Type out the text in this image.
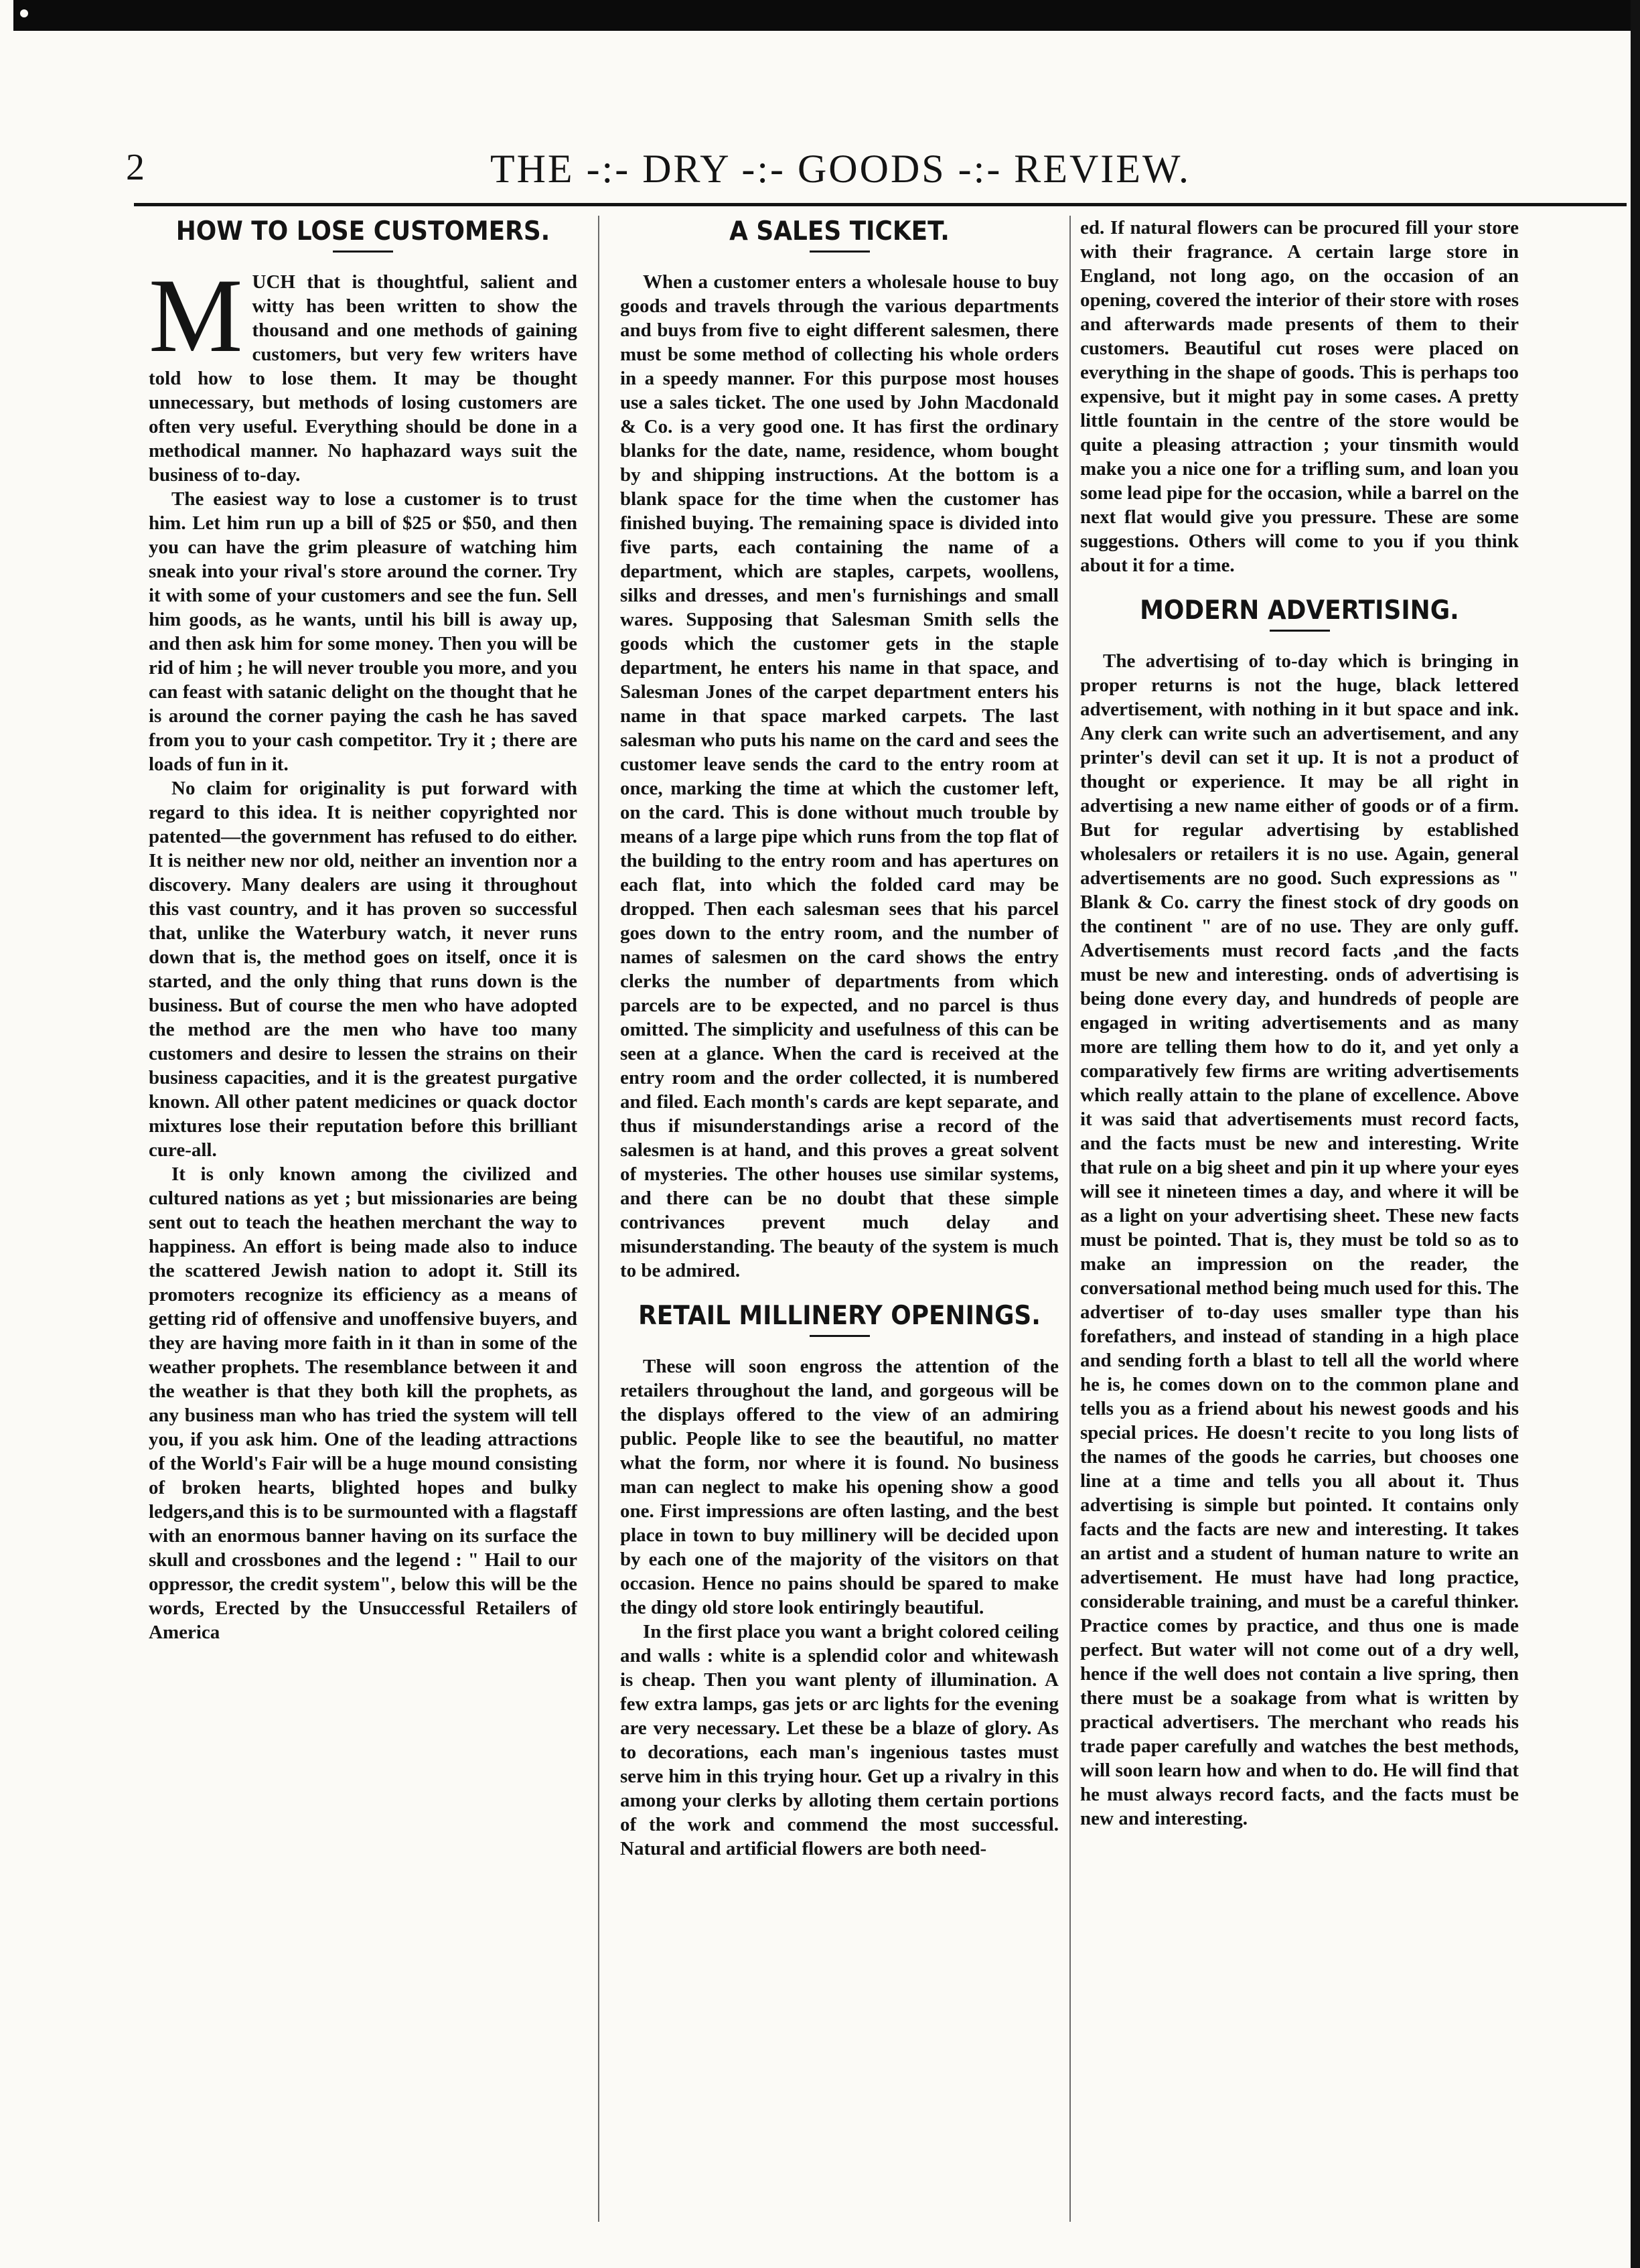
2	THE -:- DRY -:- GOODS -:- REVIEW.
HOW TO LOSE CUSTOMERS.

MUCH that is thoughtful, salient and witty has been written to show the thousand and one methods of gaining customers, but very few writers have told how to lose them. It may be thought unnecessary, but methods of losing customers are often very useful. Everything should be done in a methodical manner. No haphazard ways suit the business of to-day.

The easiest way to lose a customer is to trust him. Let him run up a bill of $25 or $50, and then you can have the grim pleasure of watching him sneak into your rival's store around the corner. Try it with some of your customers and see the fun. Sell him goods, as he wants, until his bill is away up, and then ask him for some money. Then you will be rid of him ; he will never trouble you more, and you can feast with satanic delight on the thought that he is around the corner paying the cash he has saved from you to your cash competitor. Try it ; there are loads of fun in it.

No claim for originality is put forward with regard to this idea. It is neither copyrighted nor patented—the government has refused to do either. It is neither new nor old, neither an invention nor a discovery. Many dealers are using it throughout this vast country, and it has proven so successful that, unlike the Waterbury watch, it never runs down that is, the method goes on itself, once it is started, and the only thing that runs down is the business. But of course the men who have adopted the method are the men who have too many customers and desire to lessen the strains on their business capacities, and it is the greatest purgative known. All other patent medicines or quack doctor mixtures lose their reputation before this brilliant cure-all.

It is only known among the civilized and cultured nations as yet ; but missionaries are being sent out to teach the heathen merchant the way to happiness. An effort is being made also to induce the scattered Jewish nation to adopt it. Still its promoters recognize its efficiency as a means of getting rid of offensive and unoffensive buyers, and they are having more faith in it than in some of the weather prophets. The resemblance between it and the weather is that they both kill the prophets, as any business man who has tried the system will tell you, if you ask him. One of the leading attractions of the World's Fair will be a huge mound consisting of broken hearts, blighted hopes and bulky ledgers,and this is to be surmounted with a flagstaff with an enormous banner having on its surface the skull and crossbones and the legend : " Hail to our oppressor, the credit system", below this will be the words, Erected by the Unsuccessful Retailers of America

A SALES TICKET.

When a customer enters a wholesale house to buy goods and travels through the various departments and buys from five to eight different salesmen, there must be some method of collecting his whole orders in a speedy manner. For this purpose most houses use a sales ticket. The one used by John Macdonald & Co. is a very good one. It has first the ordinary blanks for the date, name, residence, whom bought by and shipping instructions. At the bottom is a blank space for the time when the customer has finished buying. The remaining space is divided into five parts, each containing the name of a department, which are staples, carpets, woollens, silks and dresses, and men's furnishings and small wares. Supposing that Salesman Smith sells the goods which the customer gets in the staple department, he enters his name in that space, and Salesman Jones of the carpet department enters his name in that space marked carpets. The last salesman who puts his name on the card and sees the customer leave sends the card to the entry room at once, marking the time at which the customer left, on the card. This is done without much trouble by means of a large pipe which runs from the top flat of the building to the entry room and has apertures on each flat, into which the folded card may be dropped. Then each salesman sees that his parcel goes down to the entry room, and the number of names of salesmen on the card shows the entry clerks the number of departments from which parcels are to be expected, and no parcel is thus omitted. The simplicity and usefulness of this can be seen at a glance. When the card is received at the entry room and the order collected, it is numbered and filed. Each month's cards are kept separate, and thus if misunderstandings arise a record of the salesmen is at hand, and this proves a great solvent of mysteries. The other houses use similar systems, and there can be no doubt that these simple contrivances prevent much delay and misunderstanding. The beauty of the system is much to be admired.

RETAIL MILLINERY OPENINGS.

These will soon engross the attention of the retailers throughout the land, and gorgeous will be the displays offered to the view of an admiring public. People like to see the beautiful, no matter what the form, nor where it is found. No business man can neglect to make his opening show a good one. First impressions are often lasting, and the best place in town to buy millinery will be decided upon by each one of the majority of the visitors on that occasion. Hence no pains should be spared to make the dingy old store look entiringly beautiful.

In the first place you want a bright colored ceiling and walls : white is a splendid color and whitewash is cheap. Then you want plenty of illumination. A few extra lamps, gas jets or arc lights for the evening are very necessary. Let these be a blaze of glory. As to decorations, each man's ingenious tastes must serve him in this trying hour. Get up a rivalry in this among your clerks by alloting them certain portions of the work and commend the most successful. Natural and artificial flowers are both need-

ed. If natural flowers can be procured fill your store with their fragrance. A certain large store in England, not long ago, on the occasion of an opening, covered the interior of their store with roses and afterwards made presents of them to their customers. Beautiful cut roses were placed on everything in the shape of goods. This is perhaps too expensive, but it might pay in some cases. A pretty little fountain in the centre of the store would be quite a pleasing attraction ; your tinsmith would make you a nice one for a trifling sum, and loan you some lead pipe for the occasion, while a barrel on the next flat would give you pressure. These are some suggestions. Others will come to you if you think about it for a time.

MODERN ADVERTISING.

The advertising of to-day which is bringing in proper returns is not the huge, black lettered advertisement, with nothing in it but space and ink. Any clerk can write such an advertisement, and any printer's devil can set it up. It is not a product of thought or experience. It may be all right in advertising a new name either of goods or of a firm. But for regular advertising by established wholesalers or retailers it is no use. Again, general advertisements are no good. Such expressions as " Blank & Co. carry the finest stock of dry goods on the continent " are of no use. They are only guff. Advertisements must record facts ,and the facts must be new and interesting. onds of advertising is being done every day, and hundreds of people are engaged in writing advertisements and as many more are telling them how to do it, and yet only a comparatively few firms are writing advertisements which really attain to the plane of excellence. Above it was said that advertisements must record facts, and the facts must be new and interesting. Write that rule on a big sheet and pin it up where your eyes will see it nineteen times a day, and where it will be as a light on your advertising sheet. These new facts must be pointed. That is, they must be told so as to make an impression on the reader, the conversational method being much used for this. The advertiser of to-day uses smaller type than his forefathers, and instead of standing in a high place and sending forth a blast to tell all the world where he is, he comes down on to the common plane and tells you as a friend about his newest goods and his special prices. He doesn't recite to you long lists of the names of the goods he carries, but chooses one line at a time and tells you all about it. Thus advertising is simple but pointed. It contains only facts and the facts are new and interesting. It takes an artist and a student of human nature to write an advertisement. He must have had long practice, considerable training, and must be a careful thinker. Practice comes by practice, and thus one is made perfect. But water will not come out of a dry well, hence if the well does not contain a live spring, then there must be a soakage from what is written by practical advertisers. The merchant who reads his trade paper carefully and watches the best methods, will soon learn how and when to do. He will find that he must always record facts, and the facts must be new and interesting.
